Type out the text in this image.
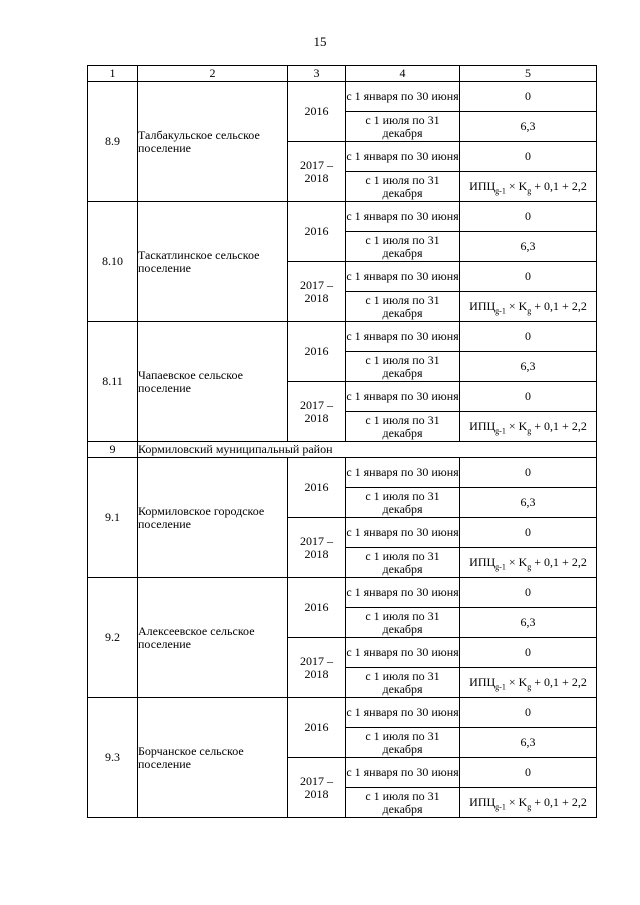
15
1	2	3	4	5
8.9	Талбакульское сельское поселение	2016	с 1 января по 30 июня	0
			с 1 июля по 31 декабря	6,3
		2017 – 2018	с 1 января по 30 июня	0
			с 1 июля по 31 декабря	$ИПЦ_{g-1} \times K_g + 0,1 + 2,2$
8.10	Таскатлинское сельское поселение	2016	с 1 января по 30 июня	0
			с 1 июля по 31 декабря	6,3
		2017 – 2018	с 1 января по 30 июня	0
			с 1 июля по 31 декабря	$ИПЦ_{g-1} \times K_g + 0,1 + 2,2$
8.11	Чапаевское сельское поселение	2016	с 1 января по 30 июня	0
			с 1 июля по 31 декабря	6,3
		2017 – 2018	с 1 января по 30 июня	0
			с 1 июля по 31 декабря	$ИПЦ_{g-1} \times K_g + 0,1 + 2,2$
9	Кормиловский муниципальный район			
9.1	Кормиловское городское поселение	2016	с 1 января по 30 июня	0
			с 1 июля по 31 декабря	6,3
		2017 – 2018	с 1 января по 30 июня	0
			с 1 июля по 31 декабря	$ИПЦ_{g-1} \times K_g + 0,1 + 2,2$
9.2	Алексеевское сельское поселение	2016	с 1 января по 30 июня	0
			с 1 июля по 31 декабря	6,3
		2017 – 2018	с 1 января по 30 июня	0
			с 1 июля по 31 декабря	$ИПЦ_{g-1} \times K_g + 0,1 + 2,2$
9.3	Борчанское сельское поселение	2016	с 1 января по 30 июня	0
			с 1 июля по 31 декабря	6,3
		2017 – 2018	с 1 января по 30 июня	0
			с 1 июля по 31 декабря	$ИПЦ_{g-1} \times K_g + 0,1 + 2,2$
